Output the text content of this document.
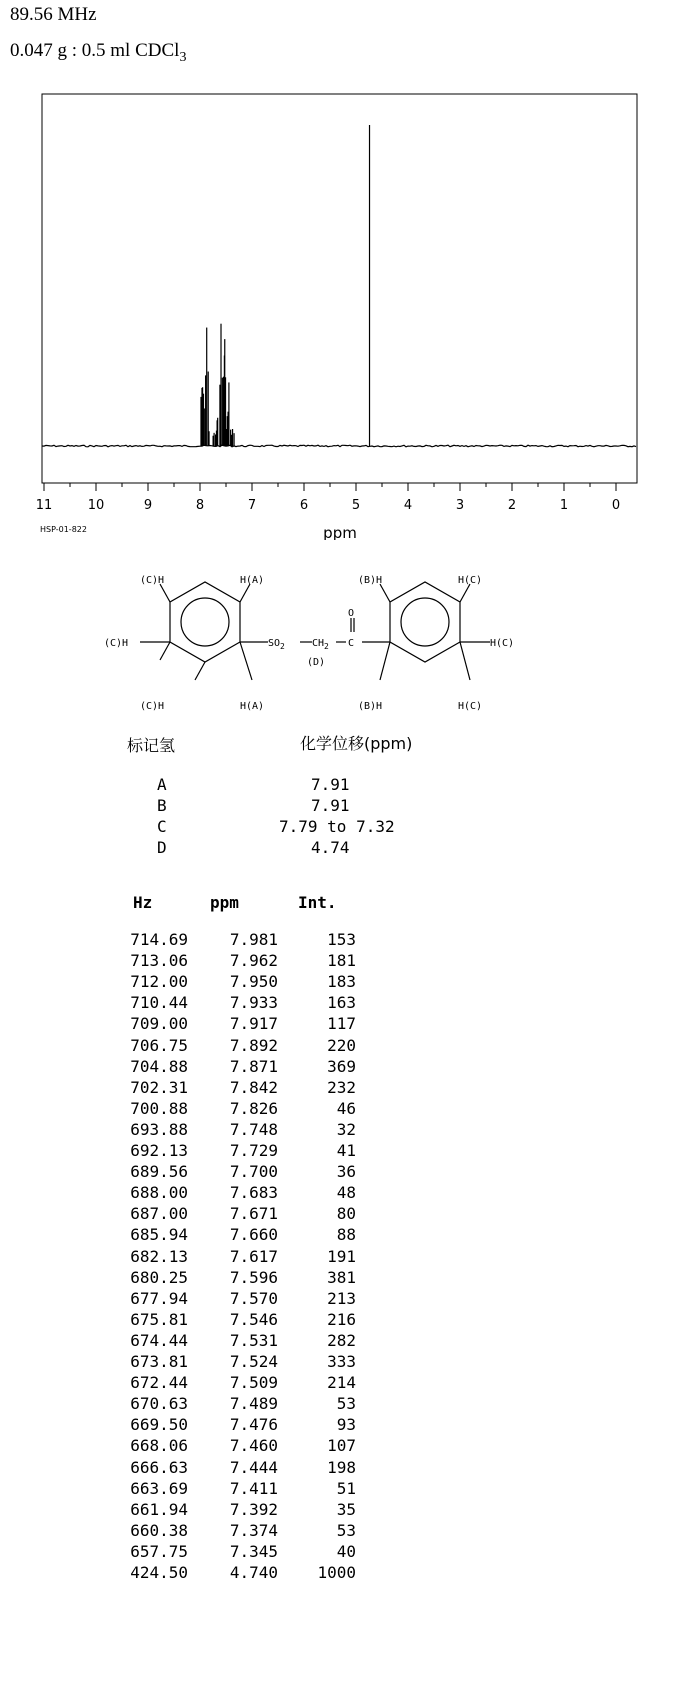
89.56 MHz
0.047 g : 0.5 ml CDCl$_3$
11	10	9	8	7	6	5	4	3	2	1	0
ppm
HSP-01-822
(C)H	H(A)
(C)H
(C)H	H(A)
$SO_2$	$CH_2$
(D)
O
C
(B)H	H(C)
H(C)
(B)H	H(C)
标记氢	化学位移(ppm)
A	7.91
B	7.91
C	7.79 to 7.32
D	4.74
Hz	ppm	Int.
714.69	7.981	153
713.06	7.962	181
712.00	7.950	183
710.44	7.933	163
709.00	7.917	117
706.75	7.892	220
704.88	7.871	369
702.31	7.842	232
700.88	7.826	46
693.88	7.748	32
692.13	7.729	41
689.56	7.700	36
688.00	7.683	48
687.00	7.671	80
685.94	7.660	88
682.13	7.617	191
680.25	7.596	381
677.94	7.570	213
675.81	7.546	216
674.44	7.531	282
673.81	7.524	333
672.44	7.509	214
670.63	7.489	53
669.50	7.476	93
668.06	7.460	107
666.63	7.444	198
663.69	7.411	51
661.94	7.392	35
660.38	7.374	53
657.75	7.345	40
424.50	4.740	1000
